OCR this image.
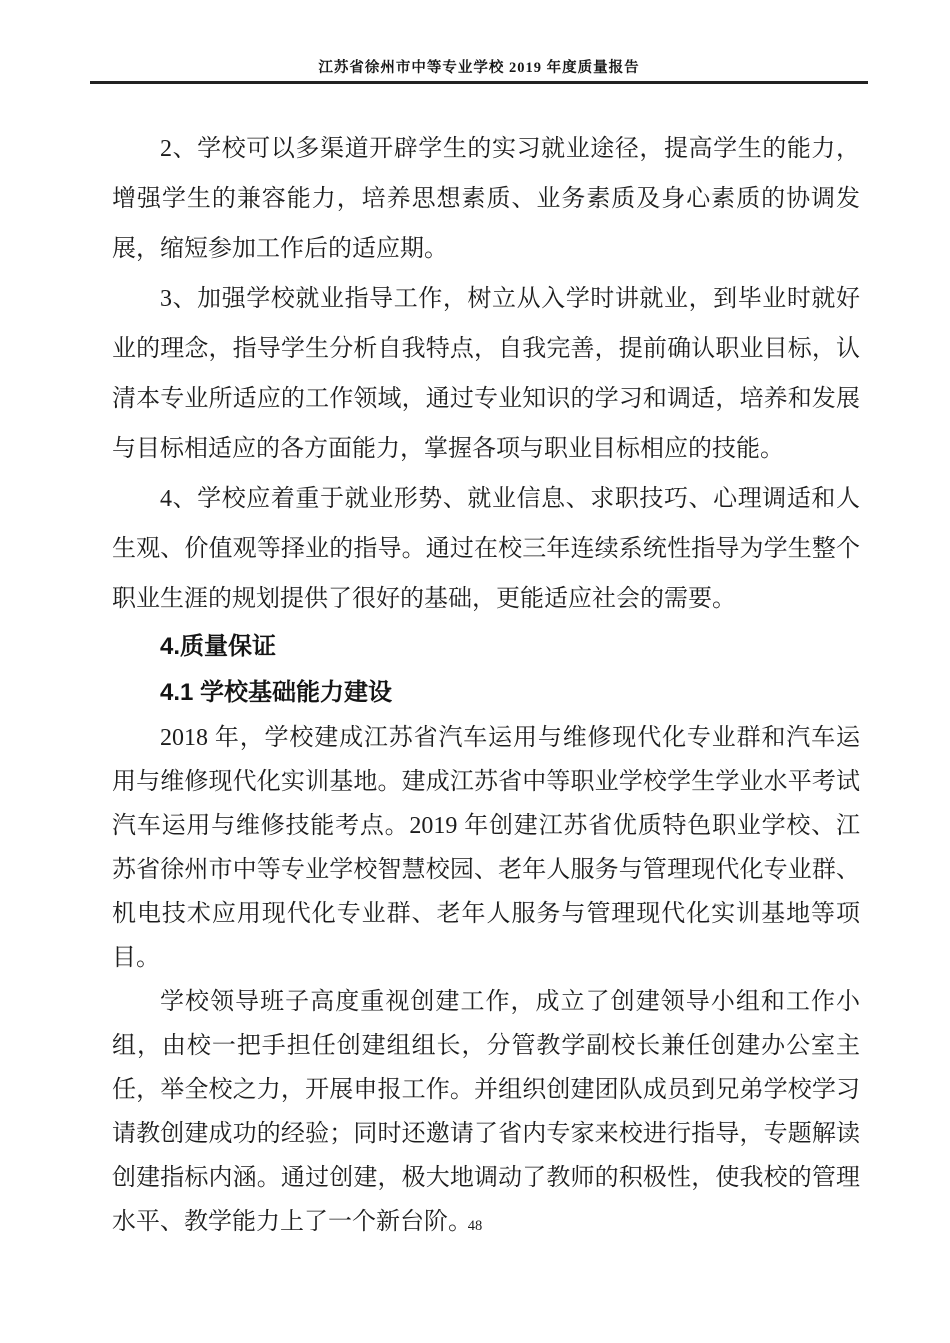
江苏省徐州市中等专业学校 2019 年度质量报告

2、学校可以多渠道开辟学生的实习就业途径，提高学生的能力，增强学生的兼容能力，培养思想素质、业务素质及身心素质的协调发展，缩短参加工作后的适应期。

3、加强学校就业指导工作，树立从入学时讲就业，到毕业时就好业的理念，指导学生分析自我特点，自我完善，提前确认职业目标，认清本专业所适应的工作领域，通过专业知识的学习和调适，培养和发展与目标相适应的各方面能力，掌握各项与职业目标相应的技能。

4、学校应着重于就业形势、就业信息、求职技巧、心理调适和人生观、价值观等择业的指导。通过在校三年连续系统性指导为学生整个职业生涯的规划提供了很好的基础，更能适应社会的需要。

4.质量保证

4.1 学校基础能力建设

2018 年，学校建成江苏省汽车运用与维修现代化专业群和汽车运用与维修现代化实训基地。建成江苏省中等职业学校学生学业水平考试汽车运用与维修技能考点。2019 年创建江苏省优质特色职业学校、江苏省徐州市中等专业学校智慧校园、老年人服务与管理现代化专业群、机电技术应用现代化专业群、老年人服务与管理现代化实训基地等项目。

学校领导班子高度重视创建工作，成立了创建领导小组和工作小组，由校一把手担任创建组组长，分管教学副校长兼任创建办公室主任，举全校之力，开展申报工作。并组织创建团队成员到兄弟学校学习请教创建成功的经验；同时还邀请了省内专家来校进行指导，专题解读创建指标内涵。通过创建，极大地调动了教师的积极性，使我校的管理水平、教学能力上了一个新台阶。

48
